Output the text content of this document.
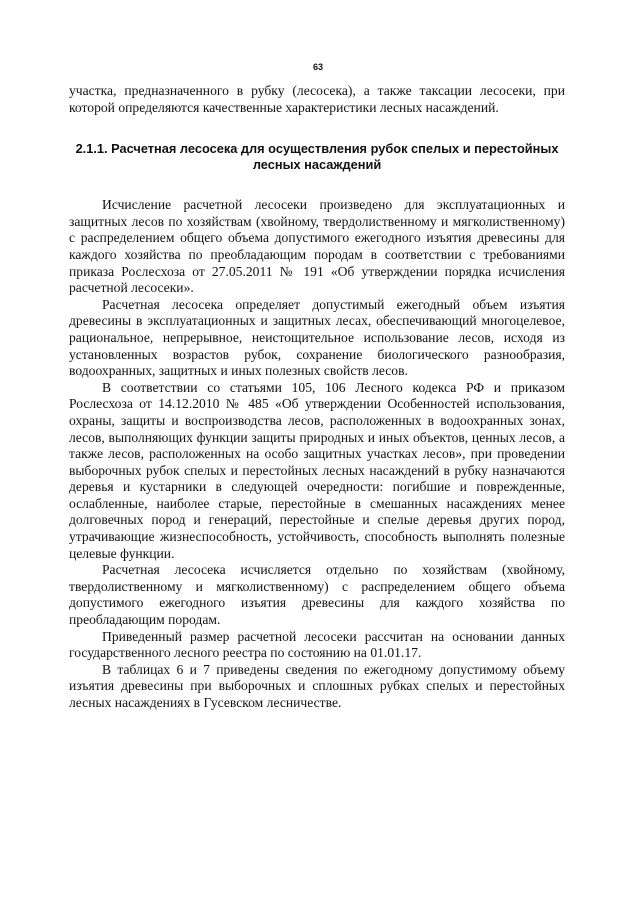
63

участка, предназначенного в рубку (лесосека), а также таксации лесосеки, при которой определяются качественные характеристики лесных насаждений.

2.1.1. Расчетная лесосека для осуществления рубок спелых и перестойных лесных насаждений

Исчисление расчетной лесосеки произведено для эксплуатационных и защитных лесов по хозяйствам (хвойному, твердолиственному и мягколиственному) с распределением общего объема допустимого ежегодного изъятия древесины для каждого хозяйства по преобладающим породам в соответствии с требованиями приказа Рослесхоза от 27.05.2011 № 191 «Об утверждении порядка исчисления расчетной лесосеки».

Расчетная лесосека определяет допустимый ежегодный объем изъятия древесины в эксплуатационных и защитных лесах, обеспечивающий многоцелевое, рациональное, непрерывное, неистощительное использование лесов, исходя из установленных возрастов рубок, сохранение биологического разнообразия, водоохранных, защитных и иных полезных свойств лесов.

В соответствии со статьями 105, 106 Лесного кодекса РФ и приказом Рослесхоза от 14.12.2010 № 485 «Об утверждении Особенностей использования, охраны, защиты и воспроизводства лесов, расположенных в водоохранных зонах, лесов, выполняющих функции защиты природных и иных объектов, ценных лесов, а также лесов, расположенных на особо защитных участках лесов», при проведении выборочных рубок спелых и перестойных лесных насаждений в рубку назначаются деревья и кустарники в следующей очередности: погибшие и поврежденные, ослабленные, наиболее старые, перестойные в смешанных насаждениях менее долговечных пород и генераций, перестойные и спелые деревья других пород, утрачивающие жизнеспособность, устойчивость, способность выполнять полезные целевые функции.

Расчетная лесосека исчисляется отдельно по хозяйствам (хвойному, твердолиственному и мягколиственному) с распределением общего объема допустимого ежегодного изъятия древесины для каждого хозяйства по преобладающим породам.

Приведенный размер расчетной лесосеки рассчитан на основании данных государственного лесного реестра по состоянию на 01.01.17.

В таблицах 6 и 7 приведены сведения по ежегодному допустимому объему изъятия древесины при выборочных и сплошных рубках спелых и перестойных лесных насаждениях в Гусевском лесничестве.
